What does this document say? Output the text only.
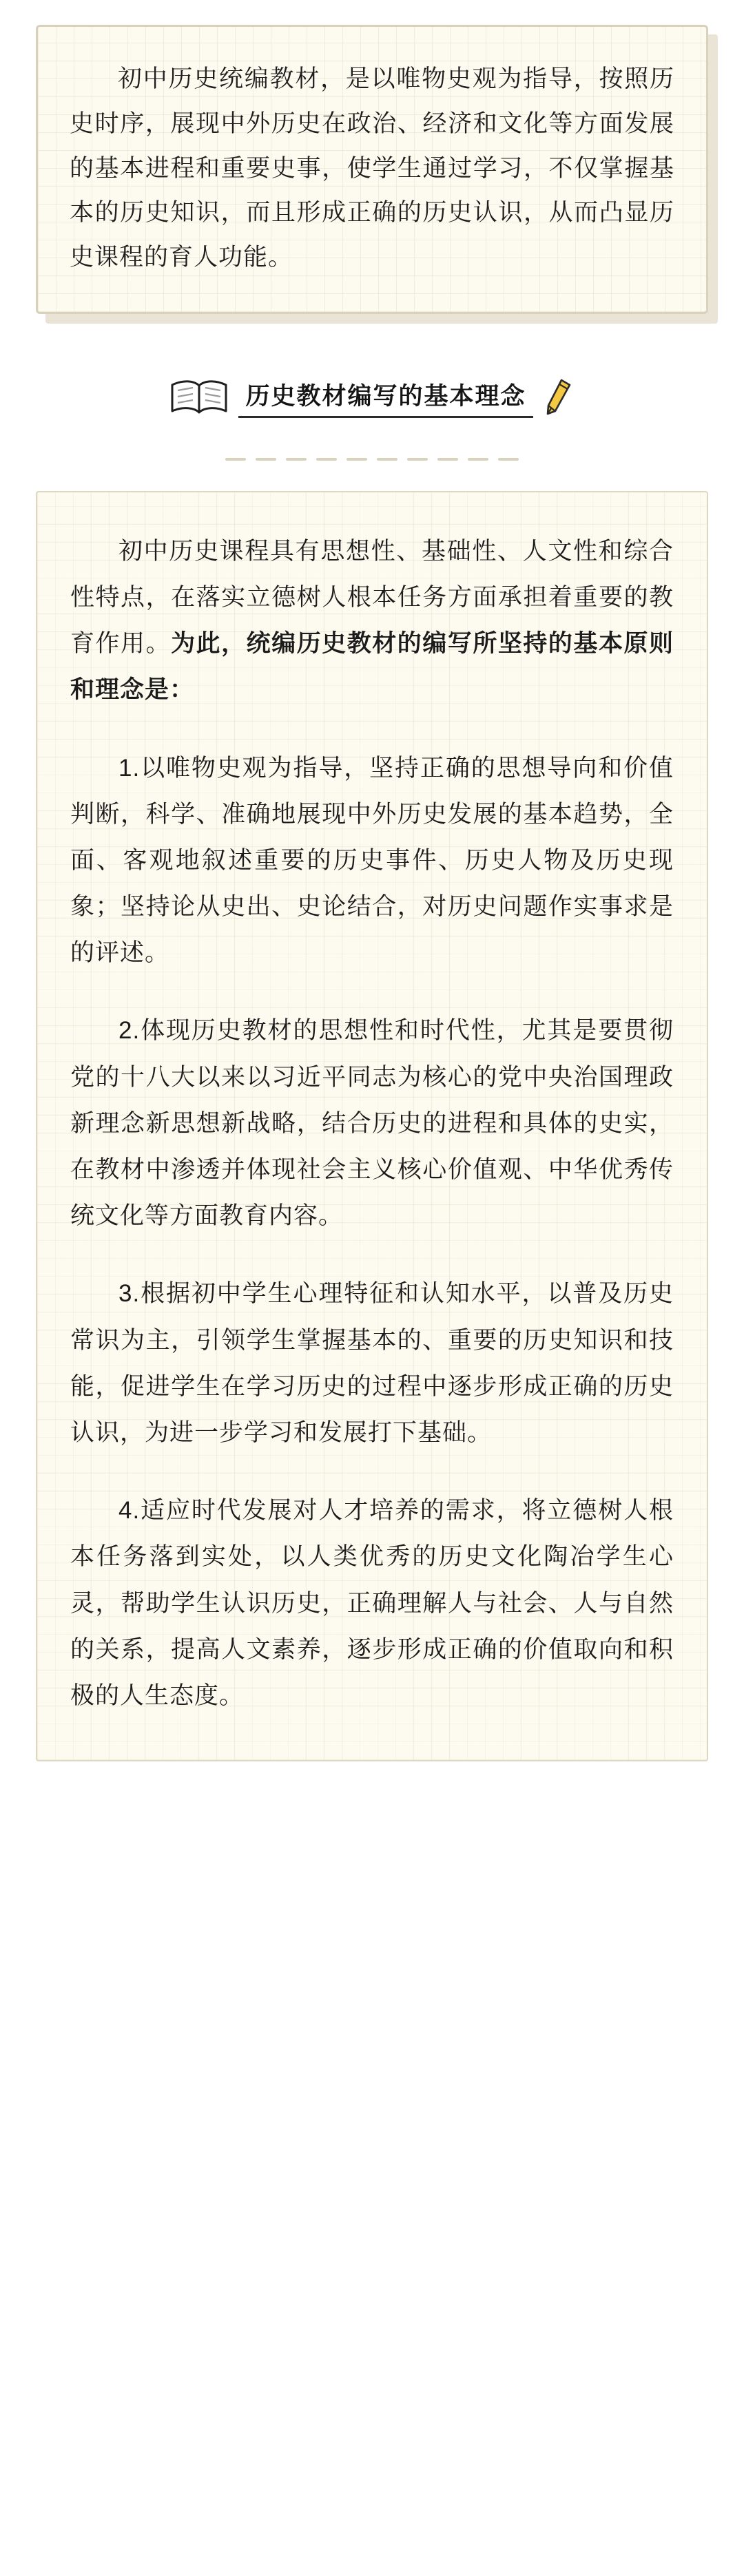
初中历史统编教材，是以唯物史观为指导，按照历史时序，展现中外历史在政治、经济和文化等方面发展的基本进程和重要史事，使学生通过学习，不仅掌握基本的历史知识，而且形成正确的历史认识，从而凸显历史课程的育人功能。

历史教材编写的基本理念

初中历史课程具有思想性、基础性、人文性和综合性特点，在落实立德树人根本任务方面承担着重要的教育作用。为此，统编历史教材的编写所坚持的基本原则和理念是：

1.以唯物史观为指导，坚持正确的思想导向和价值判断，科学、准确地展现中外历史发展的基本趋势，全面、客观地叙述重要的历史事件、历史人物及历史现象；坚持论从史出、史论结合，对历史问题作实事求是的评述。

2.体现历史教材的思想性和时代性，尤其是要贯彻党的十八大以来以习近平同志为核心的党中央治国理政新理念新思想新战略，结合历史的进程和具体的史实，在教材中渗透并体现社会主义核心价值观、中华优秀传统文化等方面教育内容。

3.根据初中学生心理特征和认知水平，以普及历史常识为主，引领学生掌握基本的、重要的历史知识和技能，促进学生在学习历史的过程中逐步形成正确的历史认识，为进一步学习和发展打下基础。

4.适应时代发展对人才培养的需求，将立德树人根本任务落到实处，以人类优秀的历史文化陶冶学生心灵，帮助学生认识历史，正确理解人与社会、人与自然的关系，提高人文素养，逐步形成正确的价值取向和积极的人生态度。
